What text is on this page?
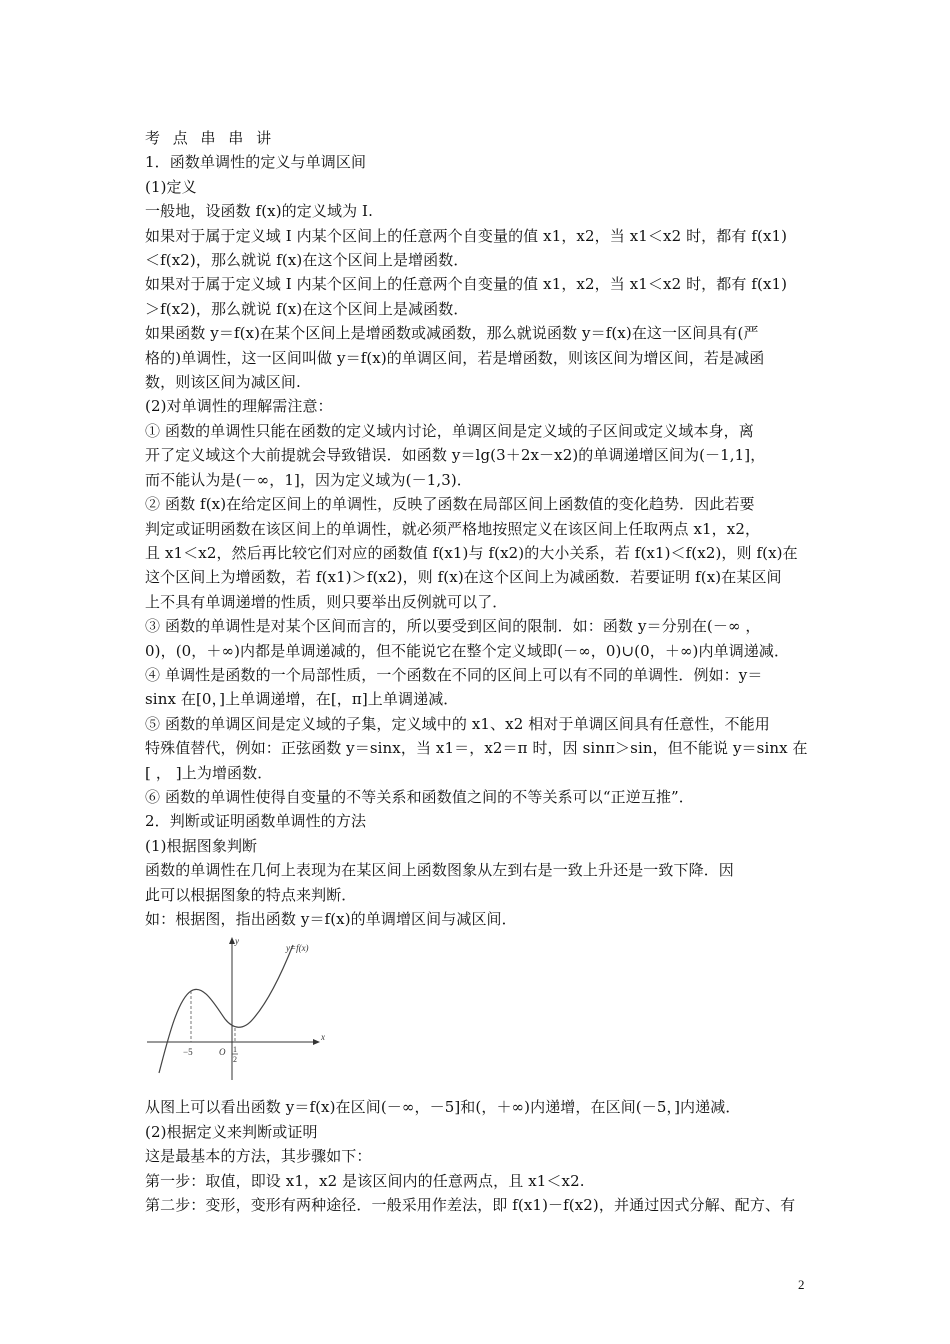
考 点 串 串 讲
1．函数单调性的定义与单调区间
(1)定义
一般地，设函数 f(x)的定义域为 I.
如果对于属于定义域 I 内某个区间上的任意两个自变量的值 x1，x2，当 x1＜x2 时，都有 f(x1)
＜f(x2)，那么就说 f(x)在这个区间上是增函数．
如果对于属于定义域 I 内某个区间上的任意两个自变量的值 x1，x2，当 x1＜x2 时，都有 f(x1)
＞f(x2)，那么就说 f(x)在这个区间上是减函数．
如果函数 y＝f(x)在某个区间上是增函数或减函数，那么就说函数 y＝f(x)在这一区间具有(严
格的)单调性，这一区间叫做 y＝f(x)的单调区间，若是增函数，则该区间为增区间，若是减函
数，则该区间为减区间.
(2)对单调性的理解需注意：
① 函数的单调性只能在函数的定义域内讨论，单调区间是定义域的子区间或定义域本身，离
开了定义域这个大前提就会导致错误．如函数 y＝lg(3＋2x－x2)的单调递增区间为(－1,1]，
而不能认为是(－∞，1]，因为定义域为(－1,3)．
② 函数 f(x)在给定区间上的单调性，反映了函数在局部区间上函数值的变化趋势．因此若要
判定或证明函数在该区间上的单调性，就必须严格地按照定义在该区间上任取两点 x1，x2，
且 x1＜x2，然后再比较它们对应的函数值 f(x1)与 f(x2)的大小关系，若 f(x1)＜f(x2)，则 f(x)在
这个区间上为增函数，若 f(x1)＞f(x2)，则 f(x)在这个区间上为减函数．若要证明 f(x)在某区间
上不具有单调递增的性质，则只要举出反例就可以了．
③ 函数的单调性是对某个区间而言的，所以要受到区间的限制．如：函数 y＝分别在(－∞ ，
0)，(0，＋∞)内都是单调递减的，但不能说它在整个定义域即(－∞，0)∪(0，＋∞)内单调递减．
④ 单调性是函数的一个局部性质，一个函数在不同的区间上可以有不同的单调性．例如：y＝
sinx 在[0，]上单调递增，在[，π]上单调递减．
⑤ 函数的单调区间是定义域的子集，定义域中的 x1、x2 相对于单调区间具有任意性，不能用
特殊值替代，例如：正弦函数 y＝sinx，当 x1＝，x2＝π 时，因 sinπ＞sin，但不能说 y＝sinx 在
[ ， ]上为增函数．
⑥ 函数的单调性使得自变量的不等关系和函数值之间的不等关系可以“正逆互推”．
2．判断或证明函数单调性的方法
(1)根据图象判断
函数的单调性在几何上表现为在某区间上函数图象从左到右是一致上升还是一致下降．因
此可以根据图象的特点来判断．
如：根据图，指出函数 y＝f(x)的单调增区间与减区间．
y
x
y=f(x)
−5	O 1
2
从图上可以看出函数 y＝f(x)在区间(－∞，－5]和(，＋∞)内递增，在区间(－5，]内递减．
(2)根据定义来判断或证明
这是最基本的方法，其步骤如下：
第一步：取值，即设 x1，x2 是该区间内的任意两点，且 x1＜x2.
第二步：变形，变形有两种途径．一般采用作差法，即 f(x1)－f(x2)，并通过因式分解、配方、有
2
